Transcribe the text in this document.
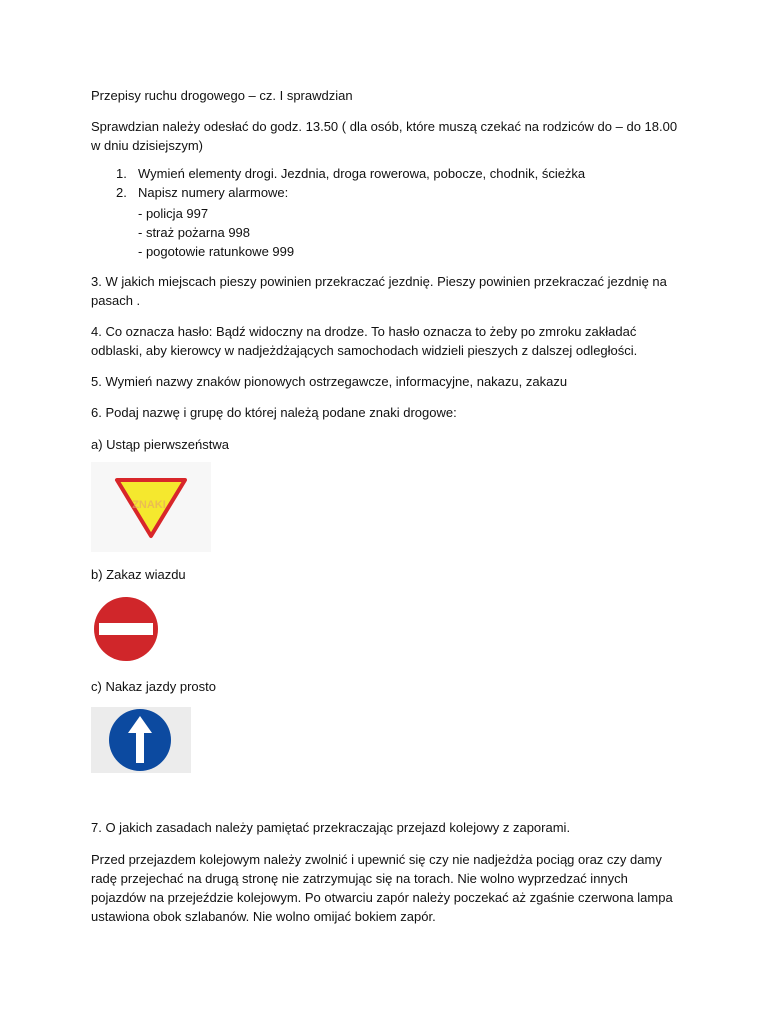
Przepisy ruchu drogowego – cz. I sprawdzian

Sprawdzian należy odesłać do godz. 13.50 ( dla osób, które muszą czekać na rodziców do – do 18.00 w dniu dzisiejszym)

1. Wymień elementy drogi. Jezdnia, droga rowerowa, pobocze, chodnik, ścieżka
2. Napisz numery alarmowe:

- policja 997

- straż pożarna 998

- pogotowie ratunkowe 999

3. W jakich miejscach pieszy powinien przekraczać jezdnię. Pieszy powinien przekraczać jezdnię na pasach .

4. Co oznacza hasło: Bądź widoczny na drodze. To hasło oznacza to żeby po zmroku zakładać odblaski, aby kierowcy w nadjeżdżających samochodach widzieli pieszych z dalszej odległości.

5. Wymień nazwy znaków pionowych ostrzegawcze, informacyjne, nakazu, zakazu

6. Podaj nazwę i grupę do której należą podane znaki drogowe:

a) Ustąp pierwszeństwa

ZNAKI

b) Zakaz wiazdu

c) Nakaz jazdy prosto

7. O jakich zasadach należy pamiętać przekraczając przejazd kolejowy z zaporami.

Przed przejazdem kolejowym należy zwolnić i upewnić się czy nie nadjeżdża pociąg oraz czy damy radę przejechać na drugą stronę nie zatrzymując się na torach. Nie wolno wyprzedzać innych pojazdów na przejeździe kolejowym. Po otwarciu zapór należy poczekać aż zgaśnie czerwona lampa ustawiona obok szlabanów. Nie wolno omijać bokiem zapór.
